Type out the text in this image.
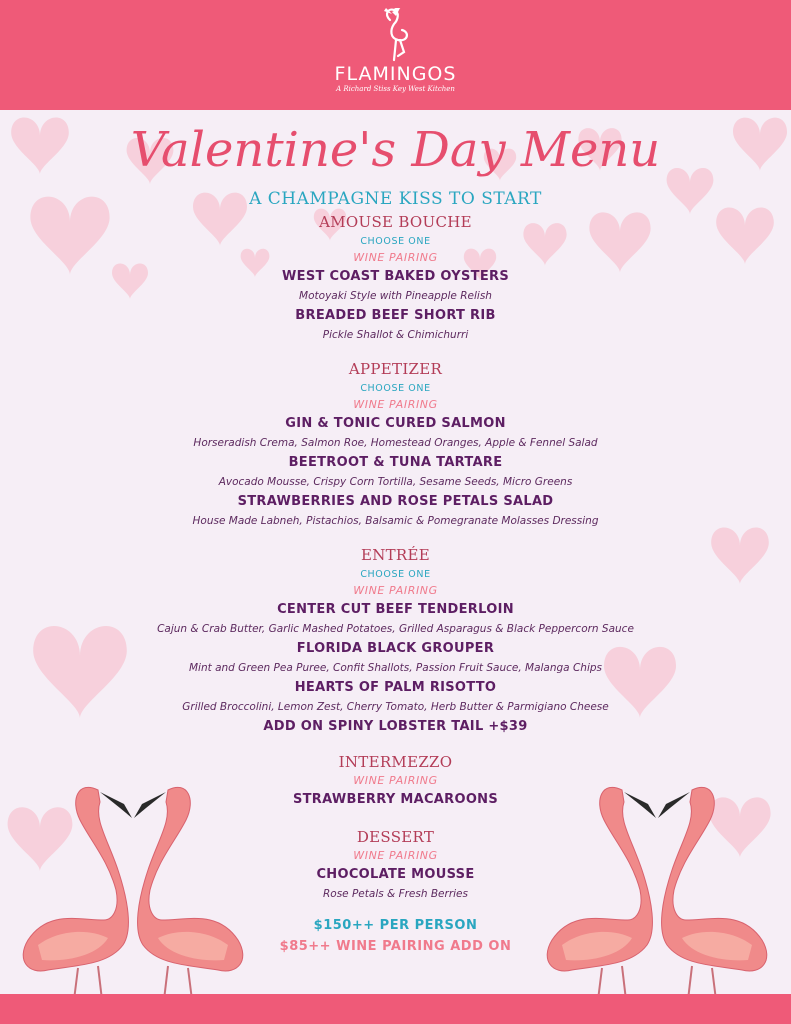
FLAMINGOS
A Richard Stiss Key West Kitchen
Valentine's Day Menu
A CHAMPAGNE KISS TO START
AMOUSE BOUCHE
CHOOSE ONE
WINE PAIRING
WEST COAST BAKED OYSTERS
Motoyaki Style with Pineapple Relish
BREADED BEEF SHORT RIB
Pickle Shallot & Chimichurri
APPETIZER
CHOOSE ONE
WINE PAIRING
GIN & TONIC CURED SALMON
Horseradish Crema, Salmon Roe, Homestead Oranges, Apple & Fennel Salad
BEETROOT & TUNA TARTARE
Avocado Mousse, Crispy Corn Tortilla, Sesame Seeds, Micro Greens
STRAWBERRIES AND ROSE PETALS SALAD
House Made Labneh, Pistachios, Balsamic & Pomegranate Molasses Dressing
ENTRÉE
CHOOSE ONE
WINE PAIRING
CENTER CUT BEEF TENDERLOIN
Cajun & Crab Butter, Garlic Mashed Potatoes, Grilled Asparagus & Black Peppercorn Sauce
FLORIDA BLACK GROUPER
Mint and Green Pea Puree, Confit Shallots, Passion Fruit Sauce, Malanga Chips
HEARTS OF PALM RISOTTO
Grilled Broccolini, Lemon Zest, Cherry Tomato, Herb Butter & Parmigiano Cheese
ADD ON SPINY LOBSTER TAIL +$39
INTERMEZZO
WINE PAIRING
STRAWBERRY MACAROONS
DESSERT
WINE PAIRING
CHOCOLATE MOUSSE
Rose Petals & Fresh Berries
$150++ PER PERSON
$85++ WINE PAIRING ADD ON
